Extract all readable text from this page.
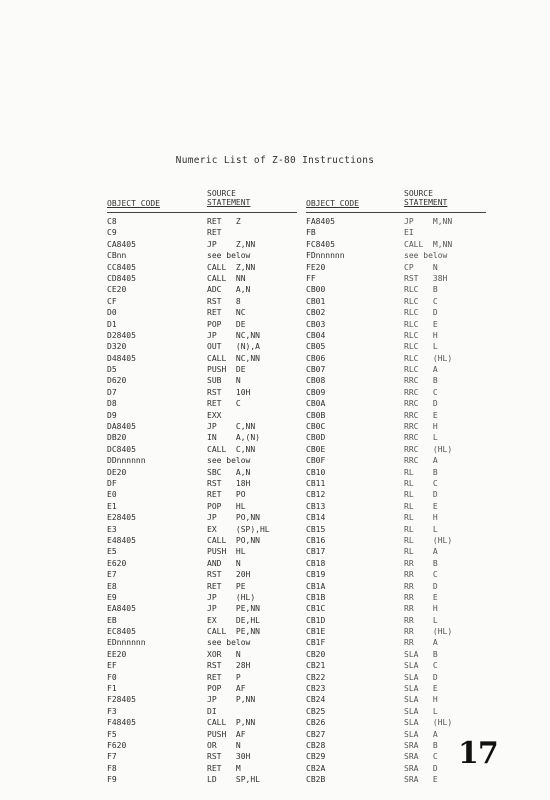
Numeric List of Z-80 Instructions
OBJECT CODE
SOURCE
STATEMENT	OBJECT CODE
SOURCE
STATEMENT
C8
C9
CA8405
CBnn
CC8405
CD8405
CE20
CF
D0
D1
D28405
D320
D48405
D5
D620
D7
D8
D9
DA8405
DB20
DC8405
DDnnnnnn
DE20
DF
E0
E1
E28405
E3
E48405
E5
E620
E7
E8
E9
EA8405
EB
EC8405
EDnnnnnn
EE20
EF
F0
F1
F28405
F3
F48405
F5
F620
F7
F8
F9
RET   Z
RET
JP    Z,NN
see below
CALL  Z,NN
CALL  NN
ADC   A,N
RST   8
RET   NC
POP   DE
JP    NC,NN
OUT   (N),A
CALL  NC,NN
PUSH  DE
SUB   N
RST   10H
RET   C
EXX
JP    C,NN
IN    A,(N)
CALL  C,NN
see below
SBC   A,N
RST   18H
RET   PO
POP   HL
JP    PO,NN
EX    (SP),HL
CALL  PO,NN
PUSH  HL
AND   N
RST   20H
RET   PE
JP    (HL)
JP    PE,NN
EX    DE,HL
CALL  PE,NN
see below
XOR   N
RST   28H
RET   P
POP   AF
JP    P,NN
DI
CALL  P,NN
PUSH  AF
OR    N
RST   30H
RET   M
LD    SP,HL
FA8405
FB
FC8405
FDnnnnnn
FE20
FF
CB00
CB01
CB02
CB03
CB04
CB05
CB06
CB07
CB08
CB09
CB0A
CB0B
CB0C
CB0D
CB0E
CB0F
CB10
CB11
CB12
CB13
CB14
CB15
CB16
CB17
CB18
CB19
CB1A
CB1B
CB1C
CB1D
CB1E
CB1F
CB20
CB21
CB22
CB23
CB24
CB25
CB26
CB27
CB28
CB29
CB2A
CB2B
JP    M,NN
EI
CALL  M,NN
see below
CP    N
RST   38H
RLC   B
RLC   C
RLC   D
RLC   E
RLC   H
RLC   L
RLC   (HL)
RLC   A
RRC   B
RRC   C
RRC   D
RRC   E
RRC   H
RRC   L
RRC   (HL)
RRC   A
RL    B
RL    C
RL    D
RL    E
RL    H
RL    L
RL    (HL)
RL    A
RR    B
RR    C
RR    D
RR    E
RR    H
RR    L
RR    (HL)
RR    A
SLA   B
SLA   C
SLA   D
SLA   E
SLA   H
SLA   L
SLA   (HL)
SLA   A
SRA   B
SRA   C
SRA   D
SRA   E
17
